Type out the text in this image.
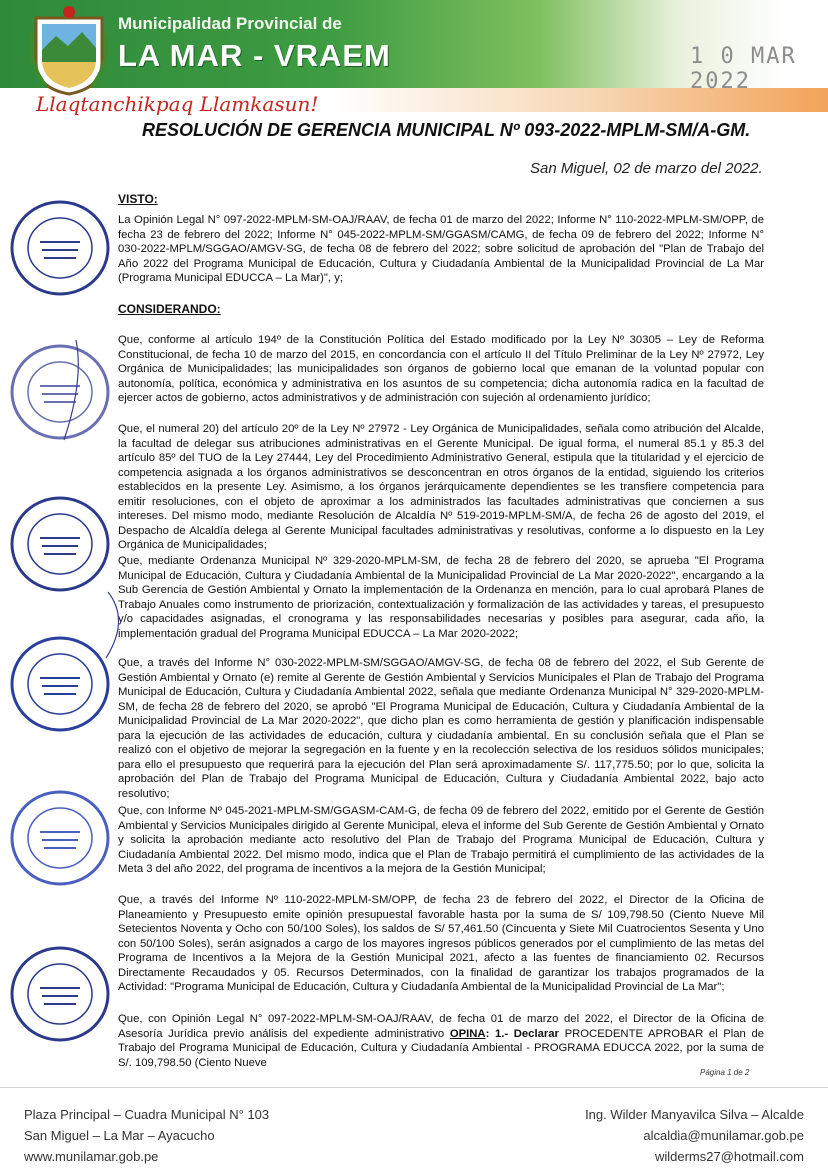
Municipalidad Provincial de
LA MAR - VRAEM
Llaqtanchikpaq Llamkasun!
1 0 MAR 2022
RESOLUCIÓN DE GERENCIA MUNICIPAL Nº 093-2022-MPLM-SM/A-GM.
San Miguel, 02 de marzo del 2022.
VISTO:

La Opinión Legal N° 097-2022-MPLM-SM-OAJ/RAAV, de fecha 01 de marzo del 2022; Informe N° 110-2022-MPLM-SM/OPP, de fecha 23 de febrero del 2022; Informe N° 045-2022-MPLM-SM/GGASM/CAMG, de fecha 09 de febrero del 2022; Informe N° 030-2022-MPLM/SGGAO/AMGV-SG, de fecha 08 de febrero del 2022; sobre solicitud de aprobación del "Plan de Trabajo del Año 2022 del Programa Municipal de Educación, Cultura y Ciudadanía Ambiental de la Municipalidad Provincial de La Mar (Programa Municipal EDUCCA – La Mar)", y;

CONSIDERANDO:

Que, conforme al artículo 194º de la Constitución Política del Estado modificado por la Ley Nº 30305 – Ley de Reforma Constitucional, de fecha 10 de marzo del 2015, en concordancia con el artículo II del Título Preliminar de la Ley Nº 27972, Ley Orgánica de Municipalidades; las municipalidades son órganos de gobierno local que emanan de la voluntad popular con autonomía, política, económica y administrativa en los asuntos de su competencia; dicha autonomía radica en la facultad de ejercer actos de gobierno, actos administrativos y de administración con sujeción al ordenamiento jurídico;

Que, el numeral 20) del artículo 20º de la Ley Nº 27972 - Ley Orgánica de Municipalidades, señala como atribución del Alcalde, la facultad de delegar sus atribuciones administrativas en el Gerente Municipal. De igual forma, el numeral 85.1 y 85.3 del artículo 85º del TUO de la Ley 27444, Ley del Procedimiento Administrativo General, estipula que la titularidad y el ejercicio de competencia asignada a los órganos administrativos se desconcentran en otros órganos de la entidad, siguiendo los criterios establecidos en la presente Ley. Asimismo, a los órganos jerárquicamente dependientes se les transfiere competencia para emitir resoluciones, con el objeto de aproximar a los administrados las facultades administrativas que conciernen a sus intereses. Del mismo modo, mediante Resolución de Alcaldía Nº 519-2019-MPLM-SM/A, de fecha 26 de agosto del 2019, el Despacho de Alcaldía delega al Gerente Municipal facultades administrativas y resolutivas, conforme a lo dispuesto en la Ley Orgánica de Municipalidades;

Que, mediante Ordenanza Municipal Nº 329-2020-MPLM-SM, de fecha 28 de febrero del 2020, se aprueba "El Programa Municipal de Educación, Cultura y Ciudadanía Ambiental de la Municipalidad Provincial de La Mar 2020-2022", encargando a la Sub Gerencia de Gestión Ambiental y Ornato la implementación de la Ordenanza en mención, para lo cual aprobará Planes de Trabajo Anuales como instrumento de priorización, contextualización y formalización de las actividades y tareas, el presupuesto y/o capacidades asignadas, el cronograma y las responsabilidades necesarias y posibles para asegurar, cada año, la implementación gradual del Programa Municipal EDUCCA – La Mar 2020-2022;

Que, a través del Informe N° 030-2022-MPLM-SM/SGGAO/AMGV-SG, de fecha 08 de febrero del 2022, el Sub Gerente de Gestión Ambiental y Ornato (e) remite al Gerente de Gestión Ambiental y Servicios Municipales el Plan de Trabajo del Programa Municipal de Educación, Cultura y Ciudadanía Ambiental 2022, señala que mediante Ordenanza Municipal N° 329-2020-MPLM-SM, de fecha 28 de febrero del 2020, se aprobó "El Programa Municipal de Educación, Cultura y Ciudadanía Ambiental de la Municipalidad Provincial de La Mar 2020-2022", que dicho plan es como herramienta de gestión y planificación indispensable para la ejecución de las actividades de educación, cultura y ciudadanía ambiental. En su conclusión señala que el Plan se realizó con el objetivo de mejorar la segregación en la fuente y en la recolección selectiva de los residuos sólidos municipales; para ello el presupuesto que requerirá para la ejecución del Plan será aproximadamente S/. 117,775.50; por lo que, solicita la aprobación del Plan de Trabajo del Programa Municipal de Educación, Cultura y Ciudadanía Ambiental 2022, bajo acto resolutivo;

Que, con Informe Nº 045-2021-MPLM-SM/GGASM-CAM-G, de fecha 09 de febrero del 2022, emitido por el Gerente de Gestión Ambiental y Servicios Municipales dirigido al Gerente Municipal, eleva el informe del Sub Gerente de Gestión Ambiental y Ornato y solicita la aprobación mediante acto resolutivo del Plan de Trabajo del Programa Municipal de Educación, Cultura y Ciudadanía Ambiental 2022. Del mismo modo, indica que el Plan de Trabajo permitirá el cumplimiento de las actividades de la Meta 3 del año 2022, del programa de incentivos a la mejora de la Gestión Municipal;

Que, a través del Informe Nº 110-2022-MPLM-SM/OPP, de fecha 23 de febrero del 2022, el Director de la Oficina de Planeamiento y Presupuesto emite opinión presupuestal favorable hasta por la suma de S/ 109,798.50 (Ciento Nueve Mil Setecientos Noventa y Ocho con 50/100 Soles), los saldos de S/ 57,461.50 (Cincuenta y Siete Mil Cuatrocientos Sesenta y Uno con 50/100 Soles), serán asignados a cargo de los mayores ingresos públicos generados por el cumplimiento de las metas del Programa de Incentivos a la Mejora de la Gestión Municipal 2021, afecto a las fuentes de financiamiento 02. Recursos Directamente Recaudados y 05. Recursos Determinados, con la finalidad de garantizar los trabajos programados de la Actividad: "Programa Municipal de Educación, Cultura y Ciudadanía Ambiental de la Municipalidad Provincial de La Mar";

Que, con Opinión Legal N° 097-2022-MPLM-SM-OAJ/RAAV, de fecha 01 de marzo del 2022, el Director de la Oficina de Asesoría Jurídica previo análisis del expediente administrativo OPINA: 1.- Declarar PROCEDENTE APROBAR el Plan de Trabajo del Programa Municipal de Educación, Cultura y Ciudadanía Ambiental - PROGRAMA EDUCCA 2022, por la suma de S/. 109,798.50 (Ciento Nueve

Página 1 de 2
Plaza Principal – Cuadra Municipal N° 103
San Miguel – La Mar – Ayacucho
www.munilamar.gob.pe
Ing. Wilder Manyavilca Silva – Alcalde
alcaldia@munilamar.gob.pe
wilderms27@hotmail.com
